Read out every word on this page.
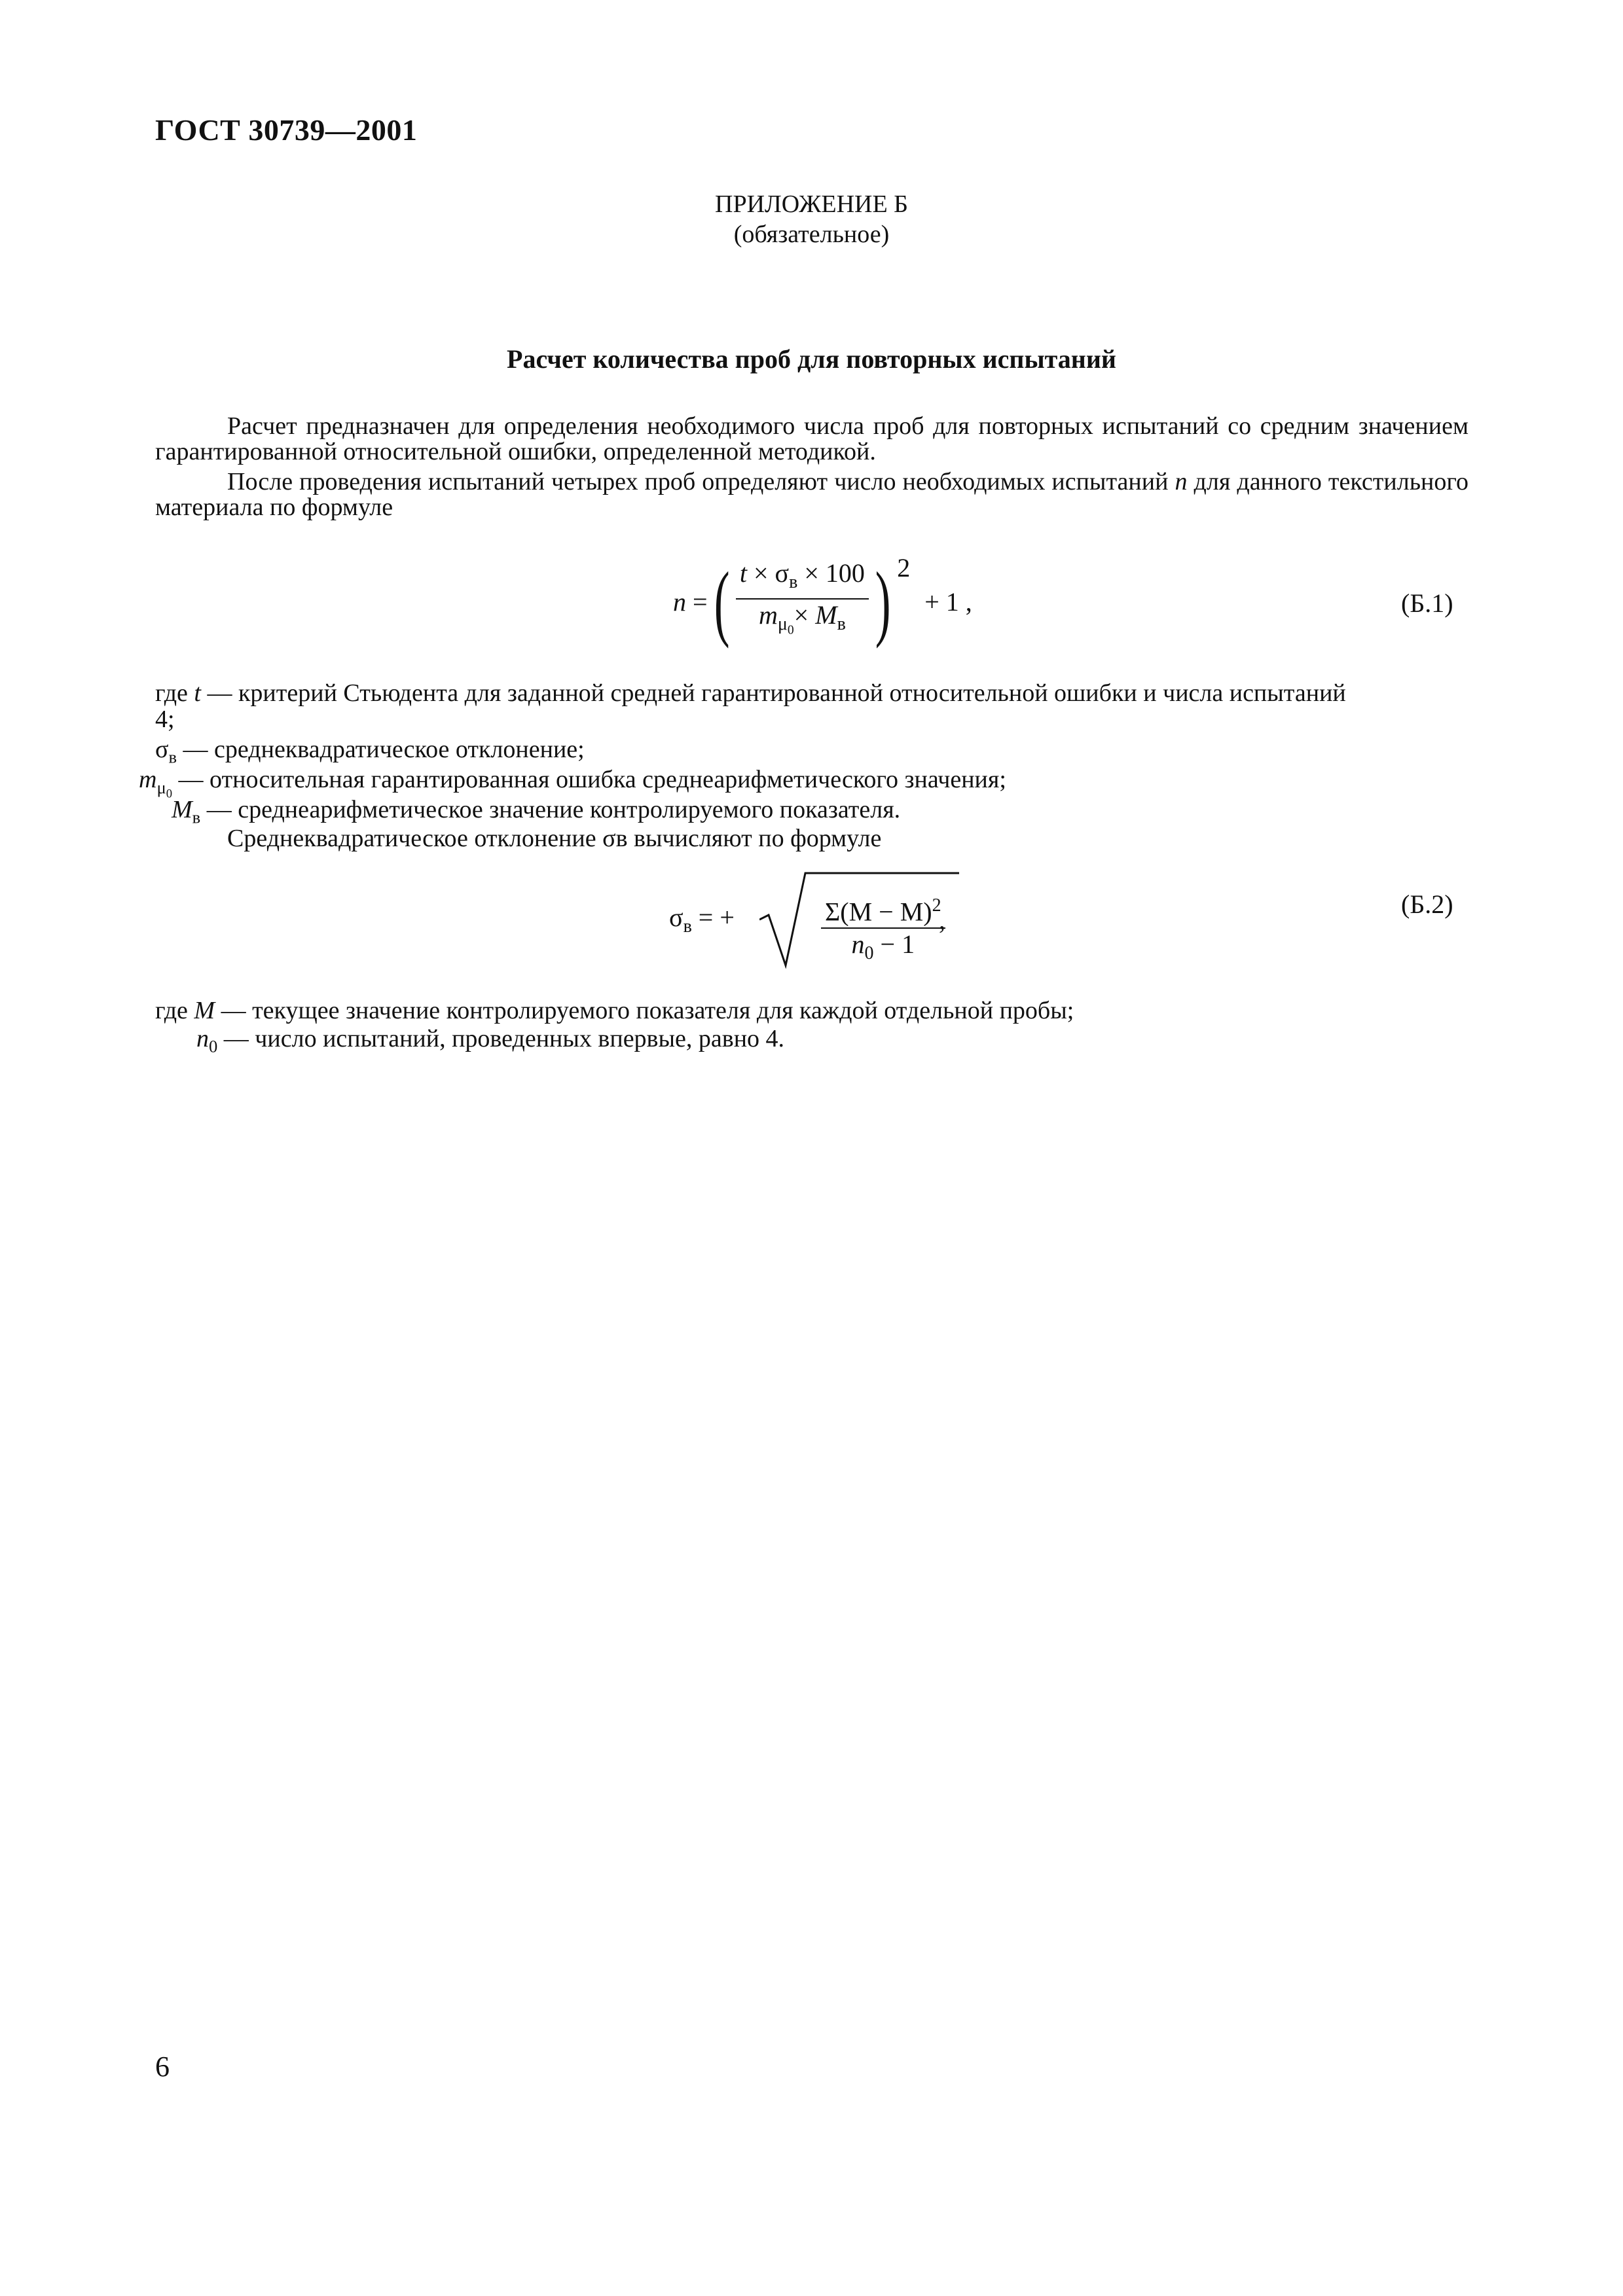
ГОСТ 30739—2001
ПРИЛОЖЕНИЕ Б
(обязательное)
Расчет количества проб для повторных испытаний
Расчет предназначен для определения необходимого числа проб для повторных испытаний со средним значением гарантированной относительной ошибки, определенной методикой.
После проведения испытаний четырех проб определяют число необходимых испытаний n для данного текстильного материала по формуле
n = ( $\frac{t \times \sigma_в \times 100}{m_{\mu_0}\times M_в}$ ) 2 + 1 ,	(Б.1)
где t — критерий Стьюдента для заданной средней гарантированной относительной ошибки и числа испытаний
4;
$\sigma_в$ — среднеквадратическое отклонение;
$m_{\mu_0}$ — относительная гарантированная ошибка среднеарифметического значения;
$M_в$ — среднеарифметическое значение контролируемого показателя.
Среднеквадратическое отклонение σв вычисляют по формуле
$\sigma_в$ = +	$\frac{\Sigma(M - M)^2}{n_0 - 1}$
,
(Б.2)
где M — текущее значение контролируемого показателя для каждой отдельной пробы;
$n_0$ — число испытаний, проведенных впервые, равно 4.
6
